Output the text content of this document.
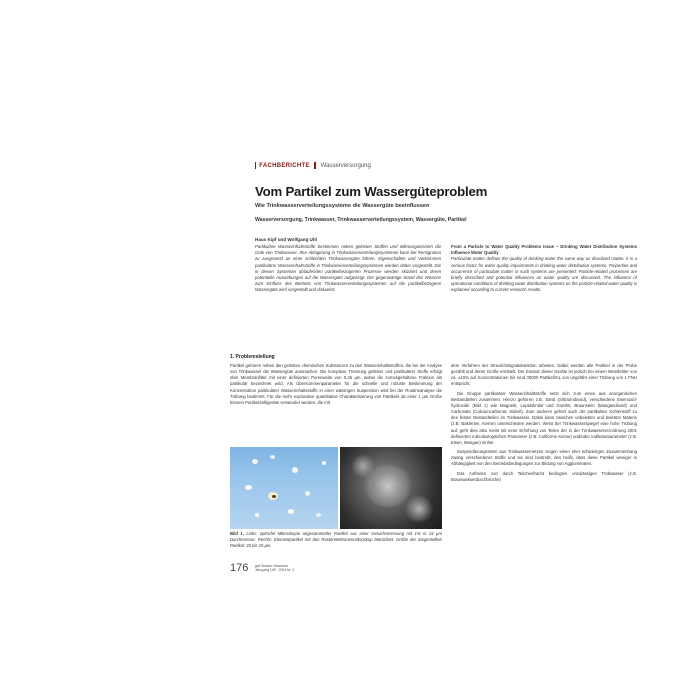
FACHBERICHTE Wasserversorgung
Vom Partikel zum Wassergüteproblem
Wie Trinkwasserverteilungssysteme die Wassergüte beeinflussen
Wasserversorgung, Trinkwasser, Trinkwasserverteilungssystem, Wassergüte, Partikel
Haus Kipf und Wolfgang Uhl
Partikuläre Wasserinhaltsstoffe bestimmen neben gelösten Stoffen und Mikroorganismen die Güte von Trinkwasser. Ihre Ablagerung in Trinkwasserverteilungssystemen kann bei Remigration zu ausgesetzt an einer schlechten Trinkwassergüte führen. Eigenschaften und Vorkommen partikulärer Wasserinhaltsstoffe in Trinkwasserverteilungssystemen werden daher vorgestellt. Die in diesen Systemen ablaufenden partikelbezogenen Prozesse werden skizziert und deren potentielle Auswirkungen auf die Wassergüte aufgezeigt. Der gegenwärtige Stand des Wissens zum Einfluss des Betriebs von Trinkwasserverteilungssystemen auf die partikelbezogene Wassergüte wird vorgestellt und diskutiert.
From a Particle to Water Quality Problems Issue – Drinking Water Distribution Systems Influence Water Quality
Particulate matter defines the quality of drinking water the same way as dissolved matter. It is a serious factor for water quality impairments in drinking water distribution systems. Properties and occurrence of particulate matter in such systems are presented. Particle-related processes are briefly described and potential influences on water quality are discussed. The influence of operational conditions of drinking water distribution systems on the particle-related water quality is explained according to current research results.
1. Problemstellung

Partikel gehören neben den gelösten chemischen Substanzen zu den Wasserinhaltsstoffen, die bei der Analyse von Trinkwasser die Wassergüte ausmachen. Die komplexe Trennung gelöster und partikulärer Stoffe erfolgt über Membranfilter mit einer definierten Porenweite von 0,45 µm, wobei die zurückgehaltene Fraktion als partikulär bezeichnet wird. Als Übersummenparameter für die schnelle und robuste Bestimmung der Konzentration partikulärer Wasserinhaltsstoffe in einer wässrigen Suspension wird bei der Routineanalyse die Trübung bestimmt. Für die mehr explorative quantitative Charakterisierung von Partikeln ab einer 1 µm Größe können Partikelzählgeräte verwendet werden, die mit

Bild 1. Links: optische Mikroskopie angesammelter Partikel aus einer Geruchsmessung mit 1% m 24 µm Durchmesser. Rechts: Elementpartikel mit den Rasterelektronenmikroskop betrachtet. Größe der dargestellten Partikel: 20 bis 25 µm.

dem Verfahren der Streulichtsignaldetektion arbeiten. Dabei werden alle Partikel in der Probe gezählt und deren Größe ermittelt. Der Einsatz dieser Geräte ist jedoch bei einem Messfehler von ca. ±10% auf Konzentrationen bis rund 30000 Partikel/mL von ungefähr einer Trübung von 1 FNU entspricht.

Die Gruppe partikulärer Wasserinhaltsstoffe setzt sich zum einen aus anorganischen Bestandteilen zusammen. Hierzu gehören z.B. Sand (Siliziumdioxid), verschiedene Eisenoxid-hydroxide (Bild 1) wie Magnetit, Lepidokrokit und Goethit, Braunstein (Mangandioxid) und Carbonate (Calciumcarbonat, Siderit). Zum anderen gehört auch der partikuläre Kohlenstoff zu den festen Bestandteilen im Trinkwasser. Dabei kann zwischen unbelebter und belebter Materie (z.B. Bakterien, Keime) unterschieden werden. Weist der Trinkwasserspiegel eine hohe Trübung auf, geht dies also meist mit einer Erhöhung von Teilen der in der Trinkwasserverordnung 2001 definierten mikrobiologischen Parameter (z.B. Coliforme Keime) und/oder Indikatorparameter (z.B. Eisen, Mangan) einher.

Suspendierungsraten aus Trinkwassernetzen zeigen einen eher schwierigen Zusammenhang zwang verschiedener Stoffe und sie sind bestrebt, des heißt, dass diese Partikel weniger in Abhängigkeit von den Betriebsbedingungen zur Bildung von Agglomeraten.

Das Auftreten von durch Teilchenfracht bedingten unzulässigen Trübwasser (z.B. Braunwasserdurchbrüche)

176 gwf Wasser·Abwasser
Jahrgang 145 · 2004 Nr. 3
